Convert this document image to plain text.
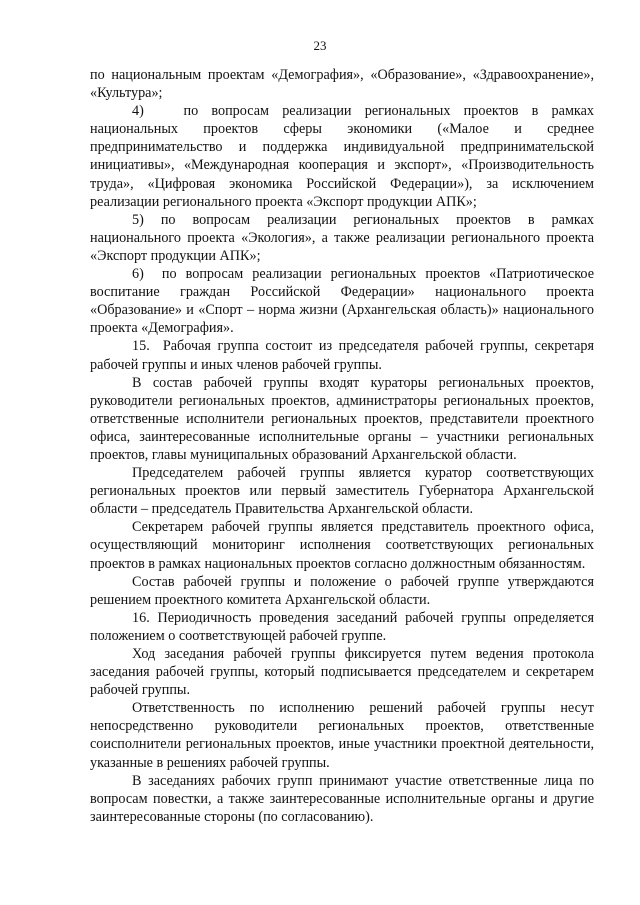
23

по национальным проектам «Демография», «Образование», «Здравоохранение», «Культура»;

4)   по вопросам реализации региональных проектов в рамках национальных проектов сферы экономики («Малое и среднее предпринимательство и поддержка индивидуальной предпринимательской инициативы», «Международная кооперация и экспорт», «Производительность труда», «Цифровая экономика Российской Федерации»), за исключением реализации регионального проекта «Экспорт продукции АПК»;

5) по вопросам реализации региональных проектов в рамках национального проекта «Экология», а также реализации регионального проекта «Экспорт продукции АПК»;

6)  по вопросам реализации региональных проектов «Патриотическое воспитание граждан Российской Федерации» национального проекта «Образование» и «Спорт – норма жизни (Архангельская область)» национального проекта «Демография».

15.  Рабочая группа состоит из председателя рабочей группы, секретаря рабочей группы и иных членов рабочей группы.

В состав рабочей группы входят кураторы региональных проектов, руководители региональных проектов, администраторы региональных проектов, ответственные исполнители региональных проектов, представители проектного офиса, заинтересованные исполнительные органы – участники региональных проектов, главы муниципальных образований Архангельской области.

Председателем рабочей группы является куратор соответствующих региональных проектов или первый заместитель Губернатора Архангельской области – председатель Правительства Архангельской области.

Секретарем рабочей группы является представитель проектного офиса, осуществляющий мониторинг исполнения соответствующих региональных проектов в рамках национальных проектов согласно должностным обязанностям.

Состав рабочей группы и положение о рабочей группе утверждаются решением проектного комитета Архангельской области.

16. Периодичность проведения заседаний рабочей группы определяется положением о соответствующей рабочей группе.

Ход заседания рабочей группы фиксируется путем ведения протокола заседания рабочей группы, который подписывается председателем и секретарем рабочей группы.

Ответственность по исполнению решений рабочей группы несут непосредственно руководители региональных проектов, ответственные соисполнители региональных проектов, иные участники проектной деятельности, указанные в решениях рабочей группы.

В заседаниях рабочих групп принимают участие ответственные лица по вопросам повестки, а также заинтересованные исполнительные органы и другие заинтересованные стороны (по согласованию).
